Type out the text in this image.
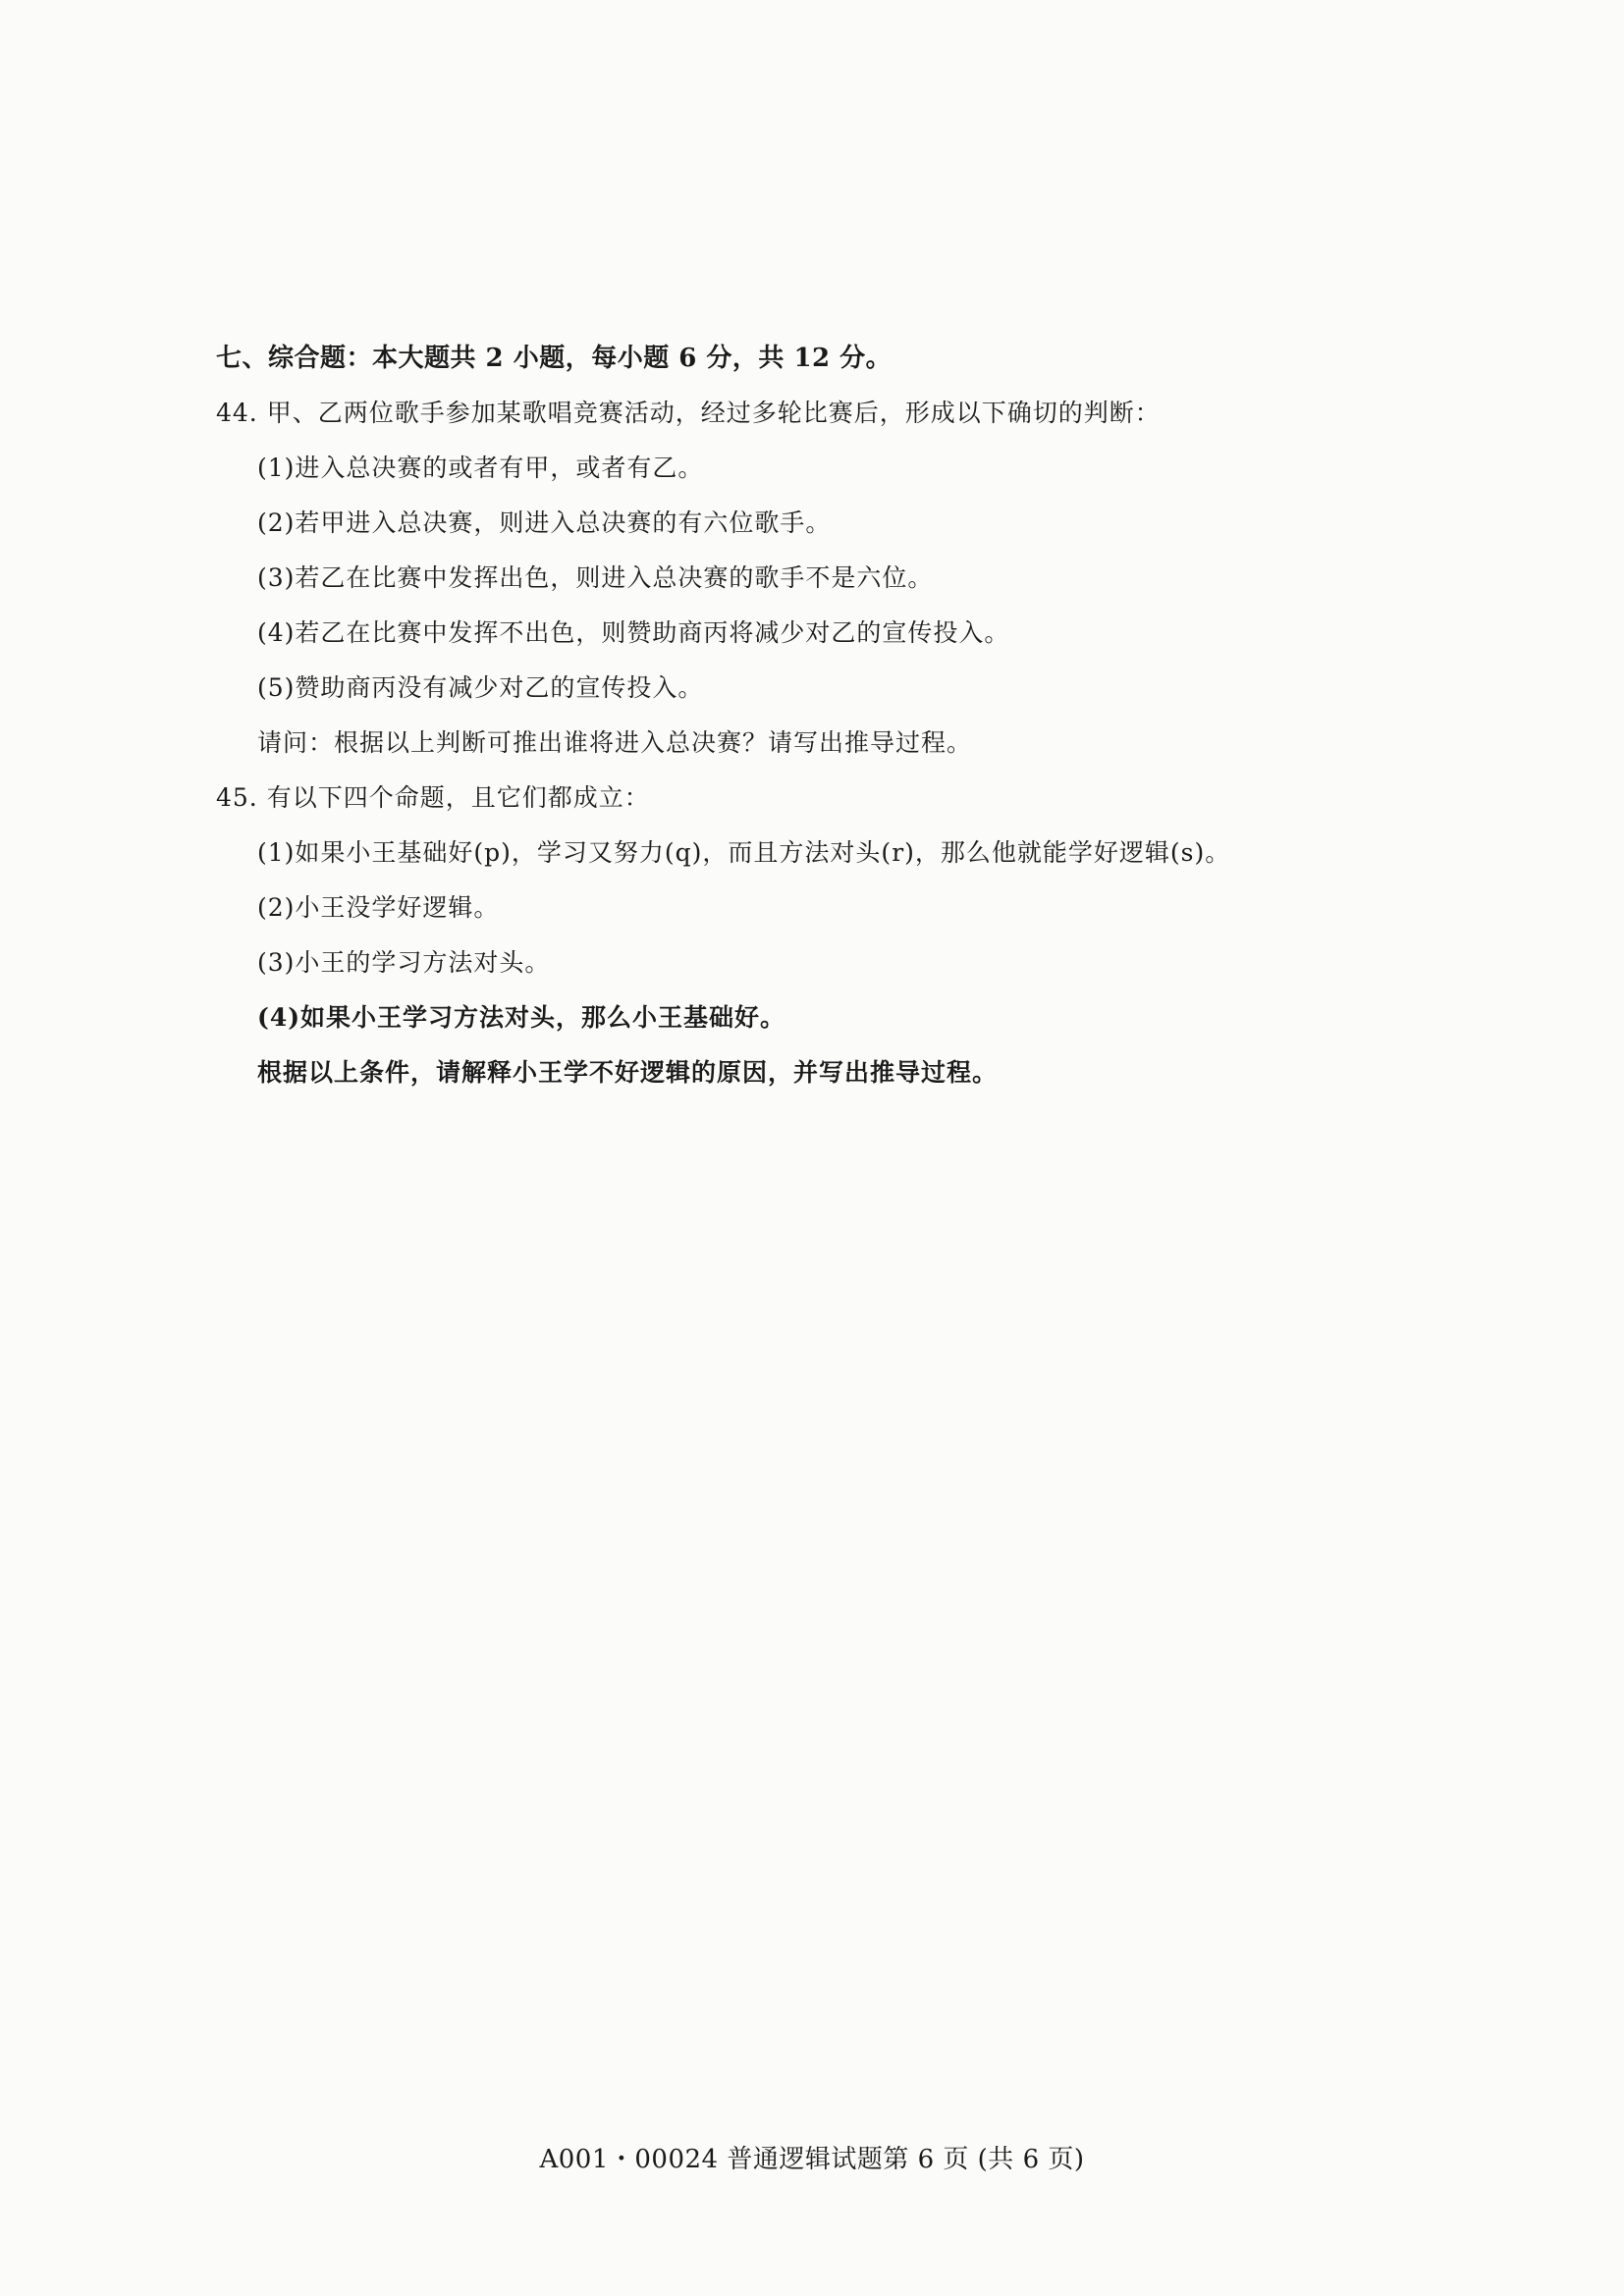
七、综合题：本大题共 2 小题，每小题 6 分，共 12 分。
44. 甲、乙两位歌手参加某歌唱竞赛活动，经过多轮比赛后，形成以下确切的判断：
(1)进入总决赛的或者有甲，或者有乙。
(2)若甲进入总决赛，则进入总决赛的有六位歌手。
(3)若乙在比赛中发挥出色，则进入总决赛的歌手不是六位。
(4)若乙在比赛中发挥不出色，则赞助商丙将减少对乙的宣传投入。
(5)赞助商丙没有减少对乙的宣传投入。
请问：根据以上判断可推出谁将进入总决赛？请写出推导过程。
45. 有以下四个命题，且它们都成立：
(1)如果小王基础好(p)，学习又努力(q)，而且方法对头(r)，那么他就能学好逻辑(s)。
(2)小王没学好逻辑。
(3)小王的学习方法对头。
(4)如果小王学习方法对头，那么小王基础好。
根据以上条件，请解释小王学不好逻辑的原因，并写出推导过程。
A001・00024 普通逻辑试题第 6 页 (共 6 页)
